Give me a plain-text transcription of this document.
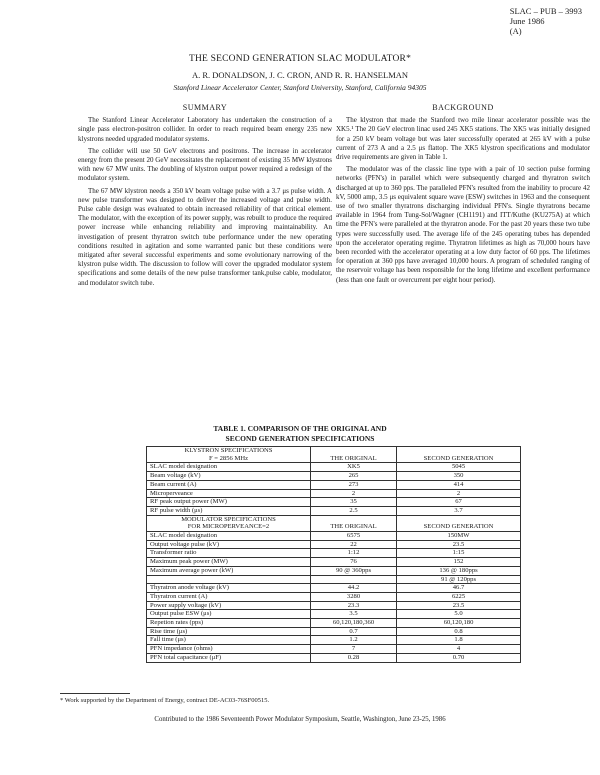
SLAC – PUB – 3993
June 1986
(A)
THE SECOND GENERATION SLAC MODULATOR*
A. R. DONALDSON, J. C. CRON, AND R. R. HANSELMAN
Stanford Linear Accelerator Center, Stanford University, Stanford, California 94305
SUMMARY

The Stanford Linear Accelerator Laboratory has undertaken the construction of a single pass electron-positron collider. In order to reach required beam energy 235 new klystrons needed upgraded modulator systems.

The collider will use 50 GeV electrons and positrons. The increase in accelerator energy from the present 20 GeV necessitates the replacement of existing 35 MW klystrons with new 67 MW units. The doubling of klystron output power required a redesign of the modulator system.

The 67 MW klystron needs a 350 kV beam voltage pulse with a 3.7 μs pulse width. A new pulse transformer was designed to deliver the increased voltage and pulse width. Pulse cable design was evaluated to obtain increased reliability of that critical element. The modulator, with the exception of its power supply, was rebuilt to produce the required power increase while enhancing reliability and improving maintainability. An investigation of present thyratron switch tube performance under the new operating conditions resulted in agitation and some warranted panic but these conditions were mitigated after several successful experiments and some evolutionary narrowing of the klystron pulse width. The discussion to follow will cover the upgraded modulator system specifications and some details of the new pulse transformer tank,pulse cable, modulator, and modulator switch tube.

BACKGROUND

The klystron that made the Stanford two mile linear accelerator possible was the XK5.¹ The 20 GeV electron linac used 245 XK5 stations. The XK5 was initially designed for a 250 kV beam voltage but was later successfully operated at 265 kV with a pulse current of 273 A and a 2.5 μs flattop. The XK5 klystron specifications and modulator drive requirements are given in Table 1.

The modulator was of the classic line type with a pair of 10 section pulse forming networks (PFN's) in parallel which were subsequently charged and thyratron switch discharged at up to 360 pps. The paralleled PFN's resulted from the inability to procure 42 kV, 5000 amp, 3.5 μs equivalent square wave (ESW) switches in 1963 and the consequent use of two smaller thyratrons discharging individual PFN's. Single thyratrons became available in 1964 from Tung-Sol/Wagner (CH1191) and ITT/Kuthe (KU275A) at which time the PFN's were paralleled at the thyratron anode. For the past 20 years these two tube types were successfully used. The average life of the 245 operating tubes has depended upon the accelerator operating regime. Thyratron lifetimes as high as 70,000 hours have been recorded with the accelerator operating at a low duty factor of 60 pps. The lifetimes for operation at 360 pps have averaged 10,000 hours. A program of scheduled ranging of the reservoir voltage has been responsible for the long lifetime and excellent performance (less than one fault or overcurrent per eight hour period).

TABLE 1. COMPARISON OF THE ORIGINAL AND
SECOND GENERATION SPECIFICATIONS
KLYSTRON SPECIFICATIONS		
F = 2856 MHz	THE ORIGINAL	SECOND GENERATION
SLAC model designation	XK5	5045
Beam voltage (kV)	265	350
Beam current (A)	273	414
Microperveance	2	2
RF peak output power (MW)	35	67
RF pulse width (μs)	2.5	3.7
MODULATOR SPECIFICATIONS		
FOR MICROPERVEANCE=2	THE ORIGINAL	SECOND GENERATION
SLAC model designation	6575	150MW
Output voltage pulse (kV)	22	23.5
Transformer ratio	1:12	1:15
Maximum peak power (MW)	76	152
Maximum average power (kW)	90 @ 360pps	136 @ 180pps
		91 @ 120pps
Thyratron anode voltage (kV)	44.2	46.7
Thyratron current (A)	3280	6225
Power supply voltage (kV)	23.3	23.5
Output pulse ESW (μs)	3.5	5.0
Repetion rates (pps)	60,120,180,360	60,120,180
Rise time (μs)	0.7	0.8
Fall time (μs)	1.2	1.8
PFN impedance (ohms)	7	4
PFN total capacitance (μF)	0.28	0.70
* Work supported by the Department of Energy, contract DE-AC03-76SF00515.
Contributed to the 1986 Seventeenth Power Modulator Symposium, Seattle, Washington, June 23-25, 1986
